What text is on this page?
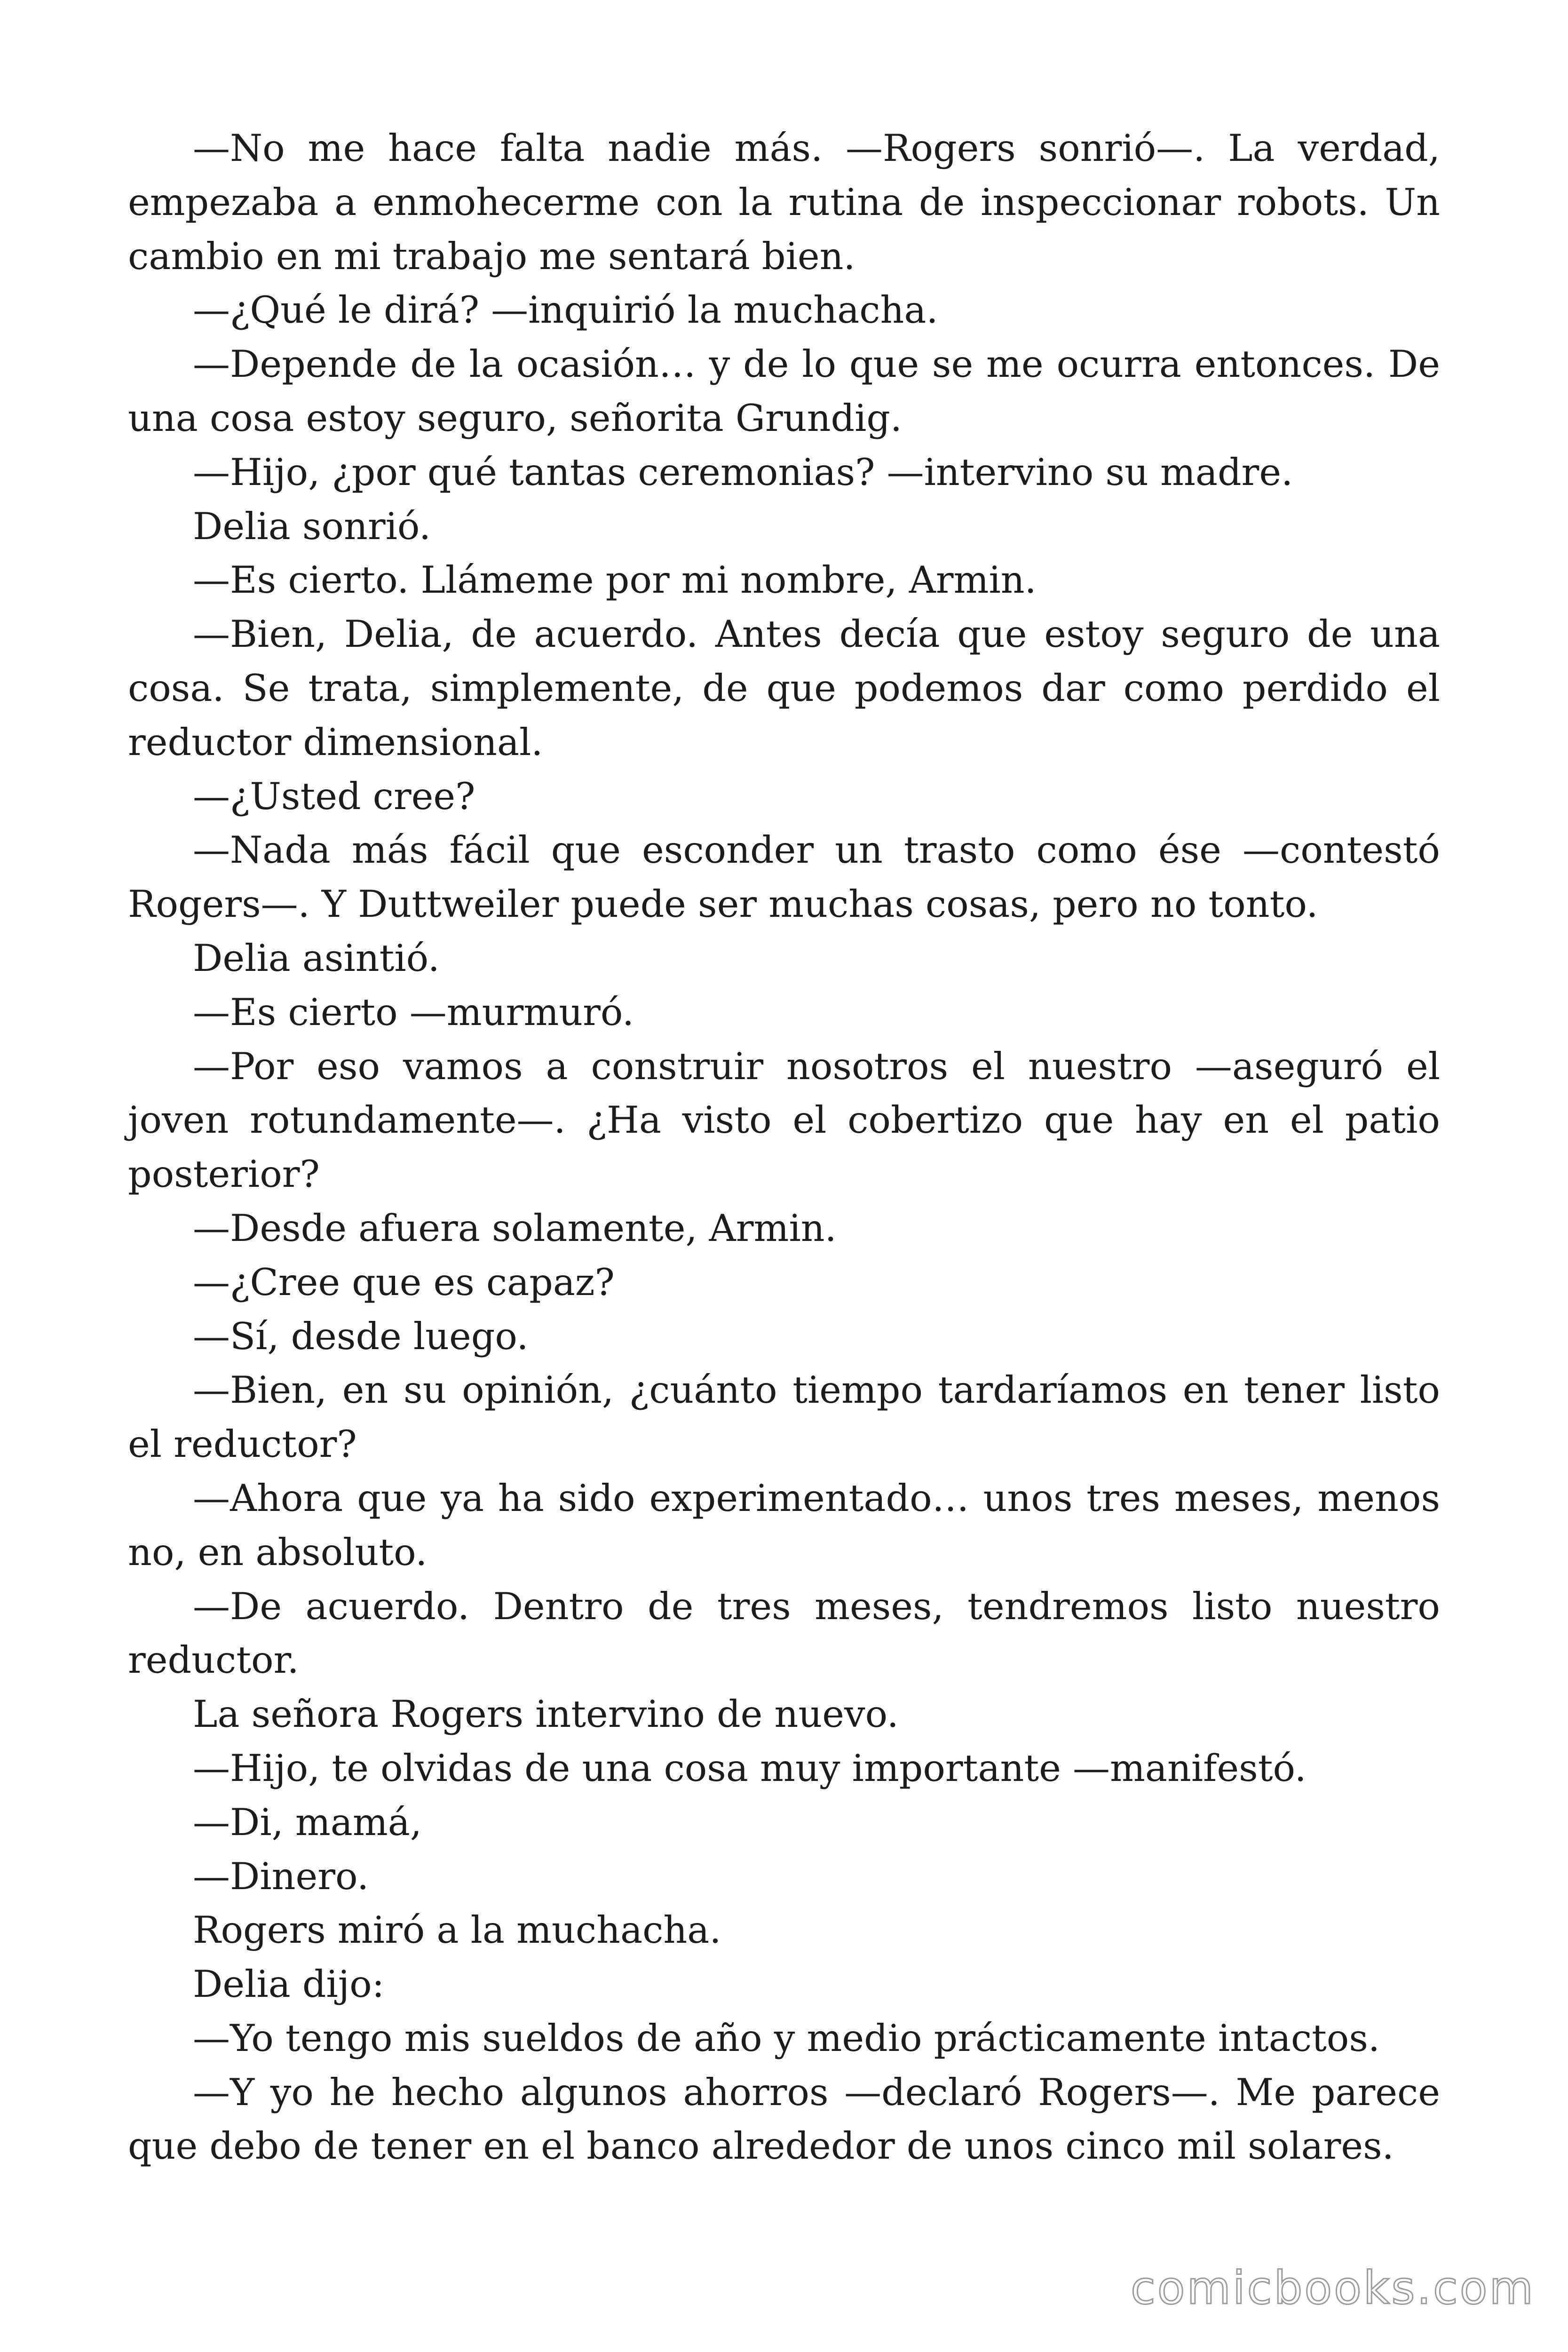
—No me hace falta nadie más. —Rogers sonrió—. La verdad, empezaba a enmohecerme con la rutina de inspeccionar robots. Un cambio en mi trabajo me sentará bien.

—¿Qué le dirá? —inquirió la muchacha.

—Depende de la ocasión… y de lo que se me ocurra entonces. De una cosa estoy seguro, señorita Grundig.

—Hijo, ¿por qué tantas ceremonias? —intervino su madre.

Delia sonrió.

—Es cierto. Llámeme por mi nombre, Armin.

—Bien, Delia, de acuerdo. Antes decía que estoy seguro de una cosa. Se trata, simplemente, de que podemos dar como perdido el reductor dimensional.

—¿Usted cree?

—Nada más fácil que esconder un trasto como ése —contestó Rogers—. Y Duttweiler puede ser muchas cosas, pero no tonto.

Delia asintió.

—Es cierto —murmuró.

—Por eso vamos a construir nosotros el nuestro —aseguró el joven rotundamente—. ¿Ha visto el cobertizo que hay en el patio posterior?

—Desde afuera solamente, Armin.

—¿Cree que es capaz?

—Sí, desde luego.

—Bien, en su opinión, ¿cuánto tiempo tardaríamos en tener listo el reductor?

—Ahora que ya ha sido experimentado… unos tres meses, menos no, en absoluto.

—De acuerdo. Dentro de tres meses, tendremos listo nuestro reductor.

La señora Rogers intervino de nuevo.

—Hijo, te olvidas de una cosa muy importante —manifestó.

—Di, mamá,

—Dinero.

Rogers miró a la muchacha.

Delia dijo:

—Yo tengo mis sueldos de año y medio prácticamente intactos.

—Y yo he hecho algunos ahorros —declaró Rogers—. Me parece que debo de tener en el banco alrededor de unos cinco mil solares.

comicbooks.com
